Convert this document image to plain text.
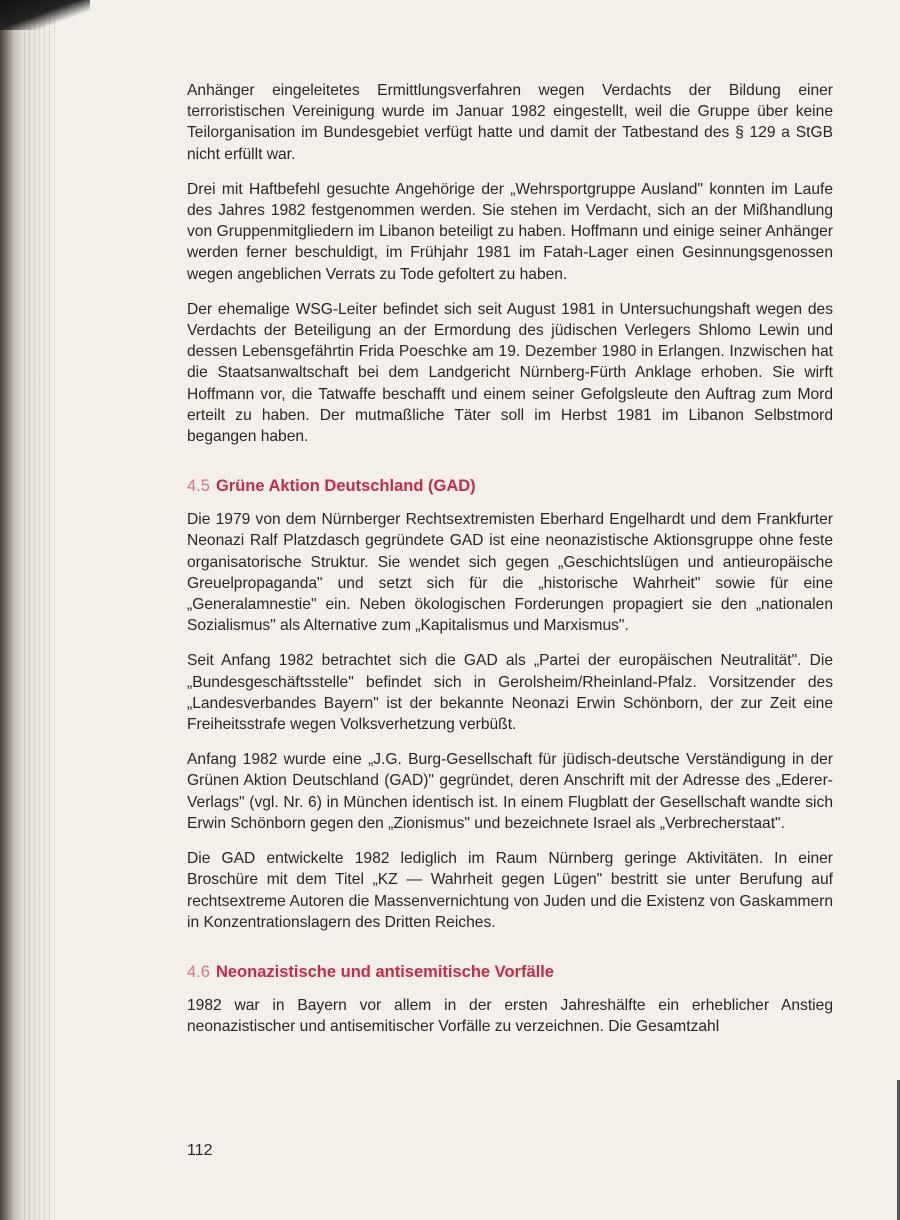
Anhänger eingeleitetes Ermittlungsverfahren wegen Verdachts der Bildung einer terroristischen Vereinigung wurde im Januar 1982 eingestellt, weil die Gruppe über keine Teilorganisation im Bundesgebiet verfügt hatte und damit der Tatbestand des § 129 a StGB nicht erfüllt war.

Drei mit Haftbefehl gesuchte Angehörige der „Wehrsportgruppe Ausland" konnten im Laufe des Jahres 1982 festgenommen werden. Sie stehen im Verdacht, sich an der Mißhandlung von Gruppenmitgliedern im Libanon beteiligt zu haben. Hoffmann und einige seiner Anhänger werden ferner beschuldigt, im Frühjahr 1981 im Fatah-Lager einen Gesinnungsgenossen wegen angeblichen Verrats zu Tode gefoltert zu haben.

Der ehemalige WSG-Leiter befindet sich seit August 1981 in Untersuchungshaft wegen des Verdachts der Beteiligung an der Ermordung des jüdischen Verlegers Shlomo Lewin und dessen Lebensgefährtin Frida Poeschke am 19. Dezember 1980 in Erlangen. Inzwischen hat die Staatsanwaltschaft bei dem Landgericht Nürnberg-Fürth Anklage erhoben. Sie wirft Hoffmann vor, die Tatwaffe beschafft und einem seiner Gefolgsleute den Auftrag zum Mord erteilt zu haben. Der mutmaßliche Täter soll im Herbst 1981 im Libanon Selbstmord begangen haben.

4.5 Grüne Aktion Deutschland (GAD)

Die 1979 von dem Nürnberger Rechtsextremisten Eberhard Engelhardt und dem Frankfurter Neonazi Ralf Platzdasch gegründete GAD ist eine neonazistische Aktionsgruppe ohne feste organisatorische Struktur. Sie wendet sich gegen „Geschichtslügen und antieuropäische Greuelpropaganda" und setzt sich für die „historische Wahrheit" sowie für eine „Generalamnestie" ein. Neben ökologischen Forderungen propagiert sie den „nationalen Sozialismus" als Alternative zum „Kapitalismus und Marxismus".

Seit Anfang 1982 betrachtet sich die GAD als „Partei der europäischen Neutralität". Die „Bundesgeschäftsstelle" befindet sich in Gerolsheim/Rheinland-Pfalz. Vorsitzender des „Landesverbandes Bayern" ist der bekannte Neonazi Erwin Schönborn, der zur Zeit eine Freiheitsstrafe wegen Volksverhetzung verbüßt.

Anfang 1982 wurde eine „J.G. Burg-Gesellschaft für jüdisch-deutsche Verständigung in der Grünen Aktion Deutschland (GAD)" gegründet, deren Anschrift mit der Adresse des „Ederer-Verlags" (vgl. Nr. 6) in München identisch ist. In einem Flugblatt der Gesellschaft wandte sich Erwin Schönborn gegen den „Zionismus" und bezeichnete Israel als „Verbrecherstaat".

Die GAD entwickelte 1982 lediglich im Raum Nürnberg geringe Aktivitäten. In einer Broschüre mit dem Titel „KZ — Wahrheit gegen Lügen" bestritt sie unter Berufung auf rechtsextreme Autoren die Massenvernichtung von Juden und die Existenz von Gaskammern in Konzentrationslagern des Dritten Reiches.

4.6 Neonazistische und antisemitische Vorfälle

1982 war in Bayern vor allem in der ersten Jahreshälfte ein erheblicher Anstieg neonazistischer und antisemitischer Vorfälle zu verzeichnen. Die Gesamtzahl

112
